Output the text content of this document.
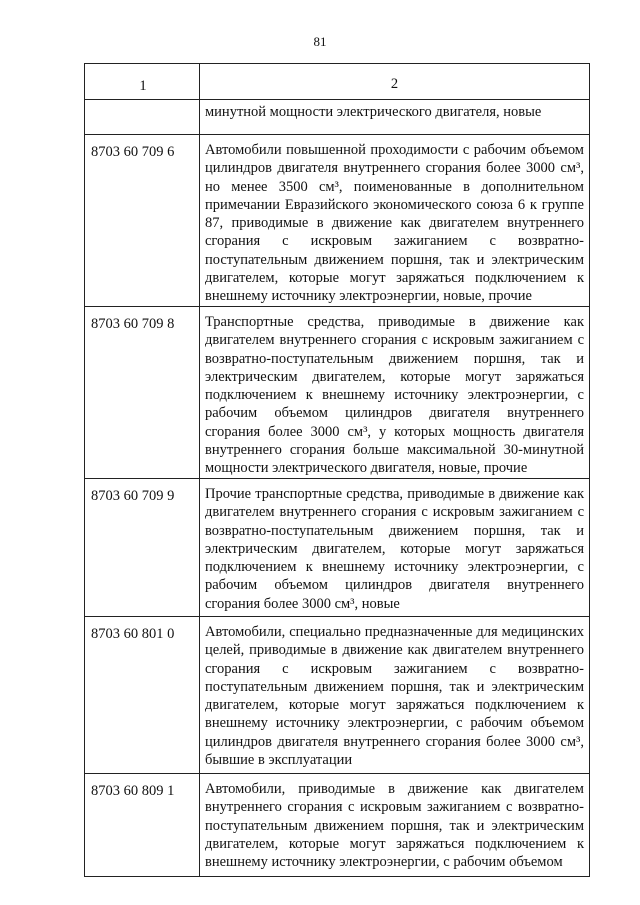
81
1	2
	минутной мощности электрического двигателя, новые
8703 60 709 6	Автомобили повышенной проходимости с рабочим объемом цилиндров двигателя внутреннего сгорания более 3000 см³, но менее 3500 см³, поименованные в дополнительном примечании Евразийского экономического союза 6 к группе 87, приводимые в движение как двигателем внутреннего сгорания с искровым зажиганием с возвратно-поступательным движением поршня, так и электрическим двигателем, которые могут заряжаться подключением к внешнему источнику электроэнергии, новые, прочие
8703 60 709 8	Транспортные средства, приводимые в движение как двигателем внутреннего сгорания с искровым зажиганием с возвратно-поступательным движением поршня, так и электрическим двигателем, которые могут заряжаться подключением к внешнему источнику электроэнергии, с рабочим объемом цилиндров двигателя внутреннего сгорания более 3000 см³, у которых мощность двигателя внутреннего сгорания больше максимальной 30-минутной мощности электрического двигателя, новые, прочие
8703 60 709 9	Прочие транспортные средства, приводимые в движение как двигателем внутреннего сгорания с искровым зажиганием с возвратно-поступательным движением поршня, так и электрическим двигателем, которые могут заряжаться подключением к внешнему источнику электроэнергии, с рабочим объемом цилиндров двигателя внутреннего сгорания более 3000 см³, новые
8703 60 801 0	Автомобили, специально предназначенные для медицинских целей, приводимые в движение как двигателем внутреннего сгорания с искровым зажиганием с возвратно-поступательным движением поршня, так и электрическим двигателем, которые могут заряжаться подключением к внешнему источнику электроэнергии, с рабочим объемом цилиндров двигателя внутреннего сгорания более 3000 см³, бывшие в эксплуатации
8703 60 809 1	Автомобили, приводимые в движение как двигателем внутреннего сгорания с искровым зажиганием с возвратно-поступательным движением поршня, так и электрическим двигателем, которые могут заряжаться подключением к внешнему источнику электроэнергии, с рабочим объемом
